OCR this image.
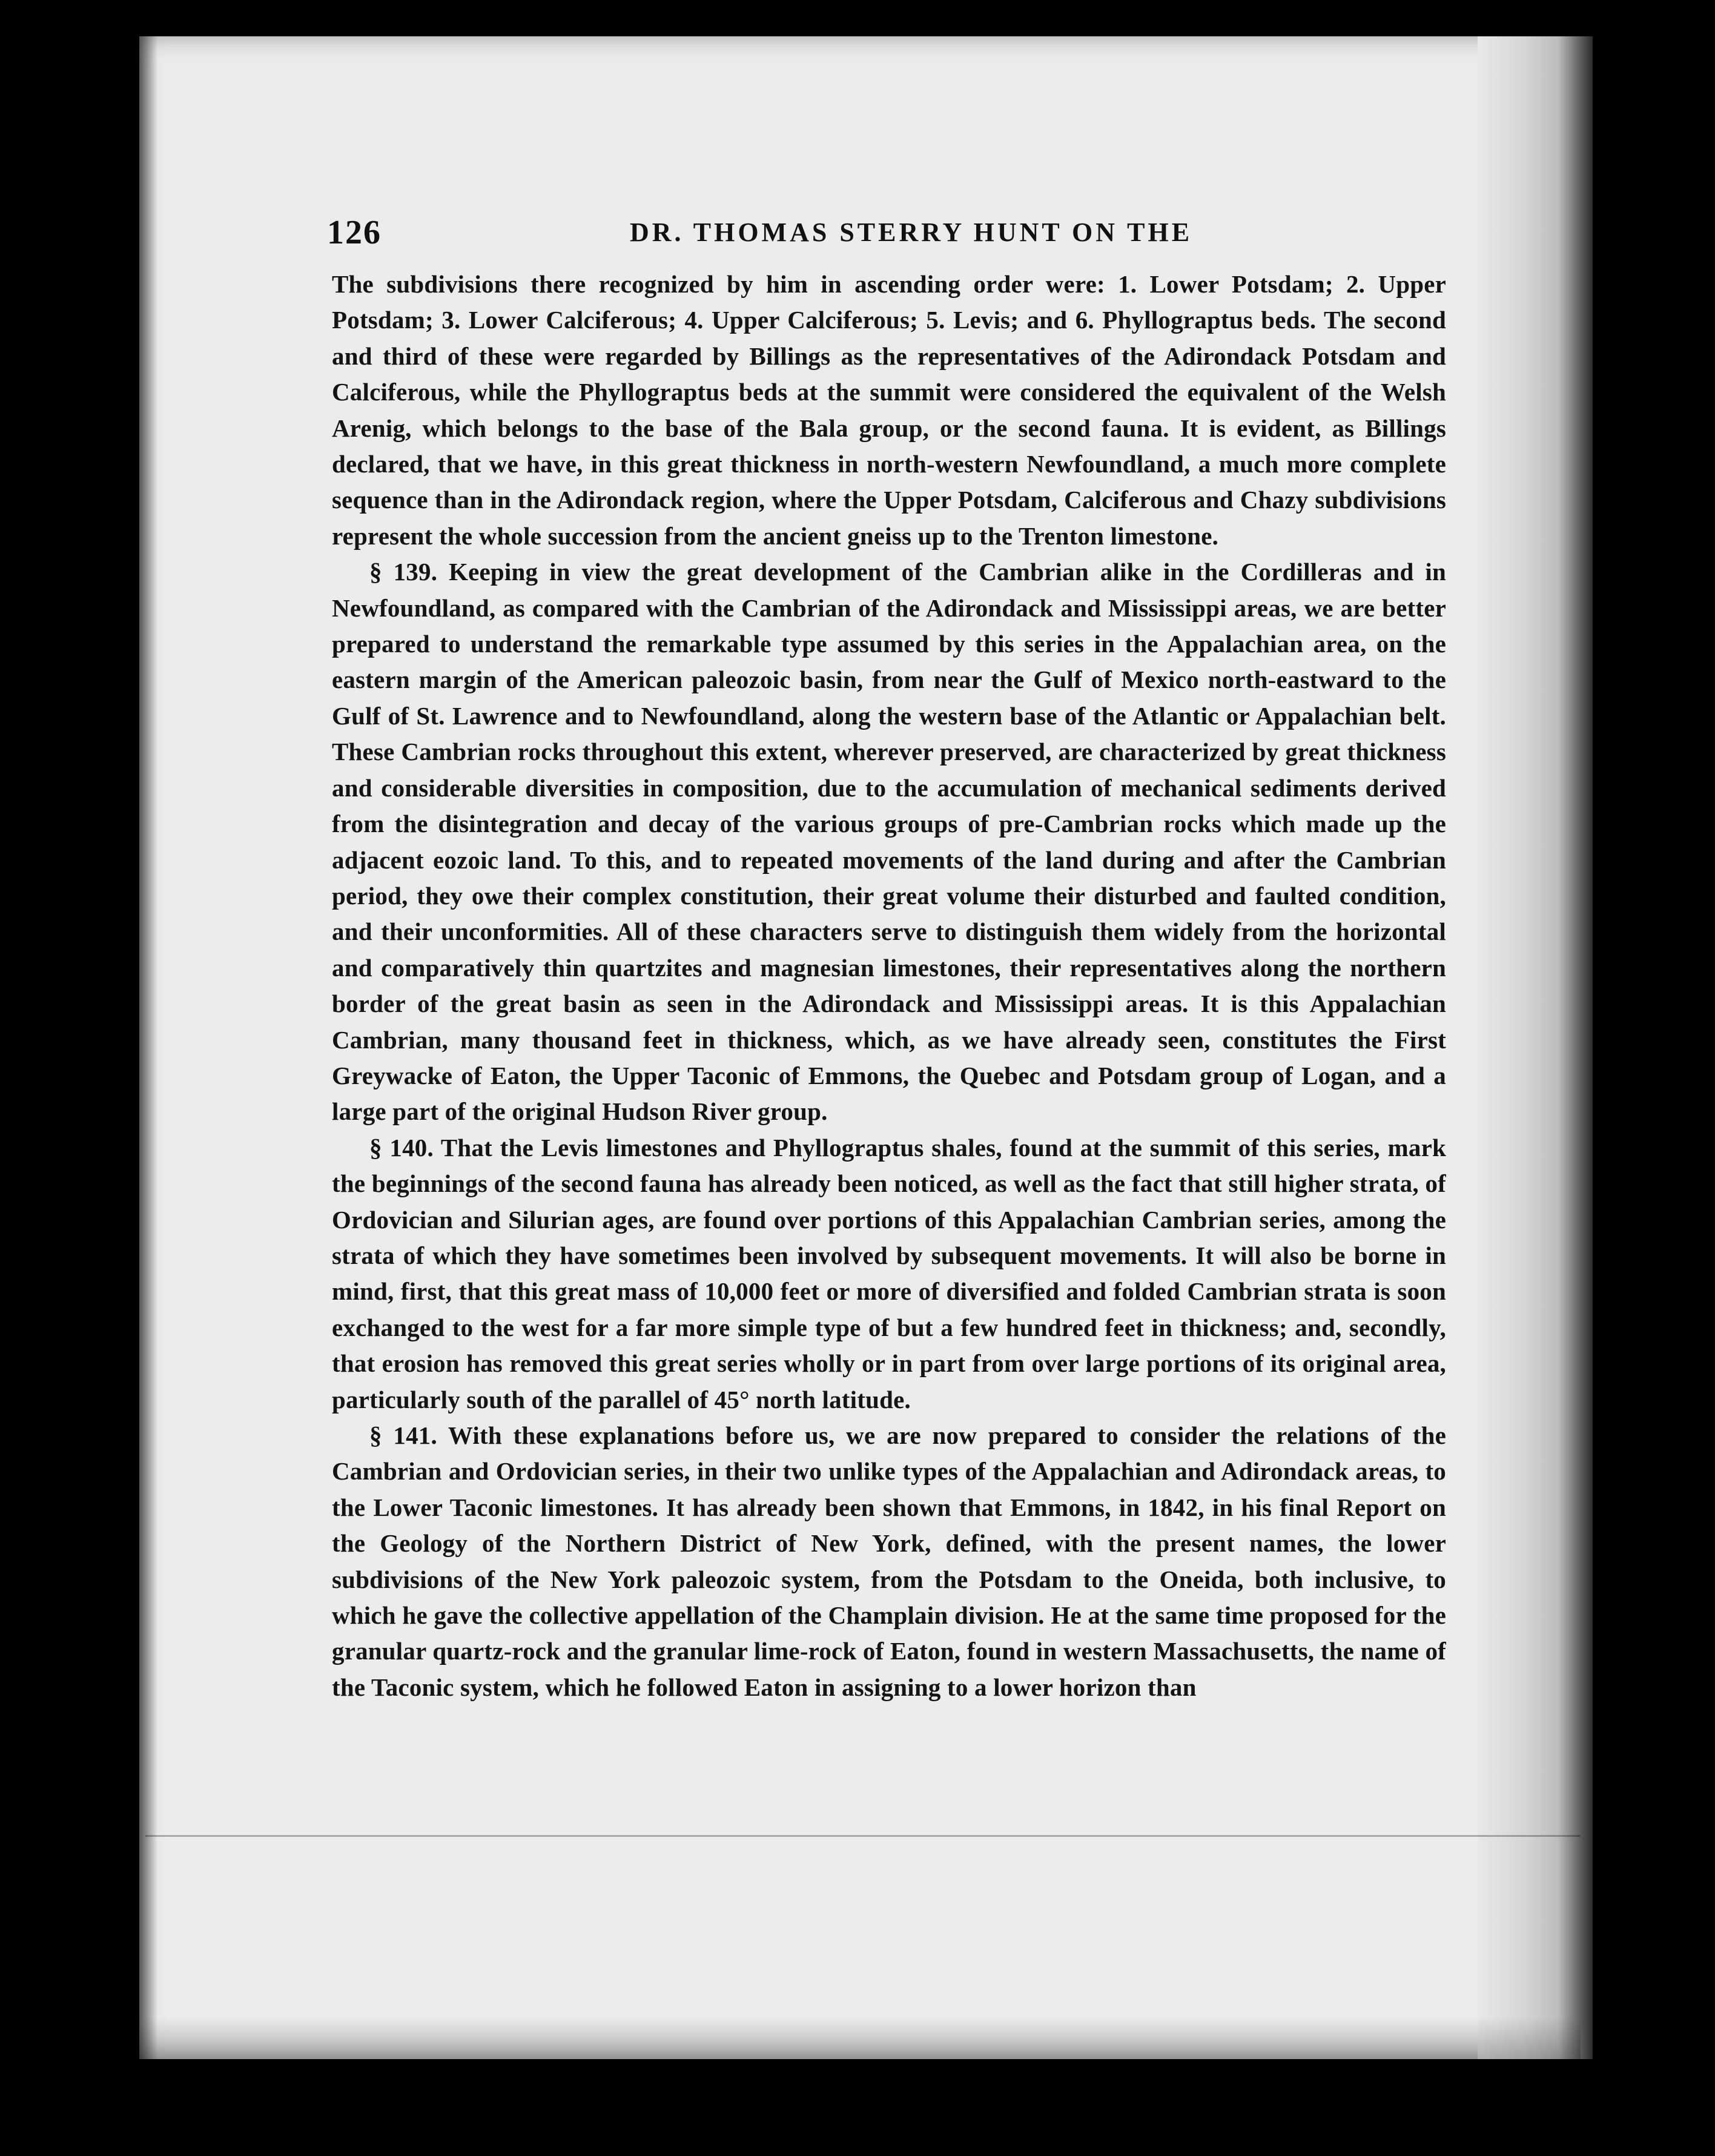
126	DR. THOMAS STERRY HUNT ON THE

The subdivisions there recognized by him in ascending order were: 1. Lower Potsdam; 2. Upper Potsdam; 3. Lower Calciferous; 4. Upper Calciferous; 5. Levis; and 6. Phyllograptus beds. The second and third of these were regarded by Billings as the representatives of the Adirondack Potsdam and Calciferous, while the Phyllograptus beds at the summit were considered the equivalent of the Welsh Arenig, which belongs to the base of the Bala group, or the second fauna. It is evident, as Billings declared, that we have, in this great thickness in north-western Newfoundland, a much more complete sequence than in the Adirondack region, where the Upper Potsdam, Calciferous and Chazy subdivisions represent the whole succession from the ancient gneiss up to the Trenton limestone.

§ 139. Keeping in view the great development of the Cambrian alike in the Cordilleras and in Newfoundland, as compared with the Cambrian of the Adirondack and Mississippi areas, we are better prepared to understand the remarkable type assumed by this series in the Appalachian area, on the eastern margin of the American paleozoic basin, from near the Gulf of Mexico north-eastward to the Gulf of St. Lawrence and to Newfoundland, along the western base of the Atlantic or Appalachian belt. These Cambrian rocks throughout this extent, wherever preserved, are characterized by great thickness and considerable diversities in composition, due to the accumulation of mechanical sediments derived from the disintegration and decay of the various groups of pre-Cambrian rocks which made up the adjacent eozoic land. To this, and to repeated movements of the land during and after the Cambrian period, they owe their complex constitution, their great volume their disturbed and faulted condition, and their unconformities. All of these characters serve to distinguish them widely from the horizontal and comparatively thin quartzites and magnesian limestones, their representatives along the northern border of the great basin as seen in the Adirondack and Mississippi areas. It is this Appalachian Cambrian, many thousand feet in thickness, which, as we have already seen, constitutes the First Greywacke of Eaton, the Upper Taconic of Emmons, the Quebec and Potsdam group of Logan, and a large part of the original Hudson River group.

§ 140. That the Levis limestones and Phyllograptus shales, found at the summit of this series, mark the beginnings of the second fauna has already been noticed, as well as the fact that still higher strata, of Ordovician and Silurian ages, are found over portions of this Appalachian Cambrian series, among the strata of which they have sometimes been involved by subsequent movements. It will also be borne in mind, first, that this great mass of 10,000 feet or more of diversified and folded Cambrian strata is soon exchanged to the west for a far more simple type of but a few hundred feet in thickness; and, secondly, that erosion has removed this great series wholly or in part from over large portions of its original area, particularly south of the parallel of 45° north latitude.

§ 141. With these explanations before us, we are now prepared to consider the relations of the Cambrian and Ordovician series, in their two unlike types of the Appalachian and Adirondack areas, to the Lower Taconic limestones. It has already been shown that Emmons, in 1842, in his final Report on the Geology of the Northern District of New York, defined, with the present names, the lower subdivisions of the New York paleozoic system, from the Potsdam to the Oneida, both inclusive, to which he gave the collective appellation of the Champlain division. He at the same time proposed for the granular quartz-rock and the granular lime-rock of Eaton, found in western Massachusetts, the name of the Taconic system, which he followed Eaton in assigning to a lower horizon than
